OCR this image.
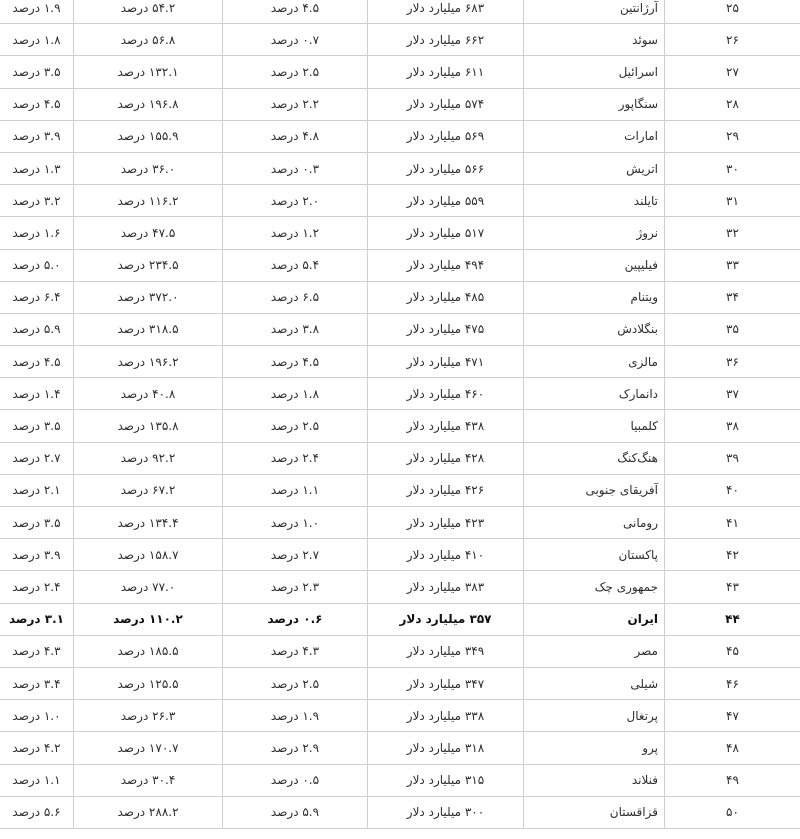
۲۵	آرژانتین	۶۸۳ میلیارد دلار	۴.۵ درصد	۵۴.۲ درصد	۱.۹ درصد
۲۶	سوئد	۶۶۲ میلیارد دلار	۰.۷ درصد	۵۶.۸ درصد	۱.۸ درصد
۲۷	اسرائیل	۶۱۱ میلیارد دلار	۲.۵ درصد	۱۳۲.۱ درصد	۳.۵ درصد
۲۸	سنگاپور	۵۷۴ میلیارد دلار	۲.۲ درصد	۱۹۶.۸ درصد	۴.۵ درصد
۲۹	امارات	۵۶۹ میلیارد دلار	۴.۸ درصد	۱۵۵.۹ درصد	۳.۹ درصد
۳۰	اتریش	۵۶۶ میلیارد دلار	۰.۳ درصد	۳۶.۰ درصد	۱.۳ درصد
۳۱	تایلند	۵۵۹ میلیارد دلار	۲.۰ درصد	۱۱۶.۲ درصد	۳.۲ درصد
۳۲	نروژ	۵۱۷ میلیارد دلار	۱.۲ درصد	۴۷.۵ درصد	۱.۶ درصد
۳۳	فیلیپین	۴۹۴ میلیارد دلار	۵.۴ درصد	۲۳۴.۵ درصد	۵.۰ درصد
۳۴	ویتنام	۴۸۵ میلیارد دلار	۶.۵ درصد	۳۷۲.۰ درصد	۶.۴ درصد
۳۵	بنگلادش	۴۷۵ میلیارد دلار	۳.۸ درصد	۳۱۸.۵ درصد	۵.۹ درصد
۳۶	مالزی	۴۷۱ میلیارد دلار	۴.۵ درصد	۱۹۶.۲ درصد	۴.۵ درصد
۳۷	دانمارک	۴۶۰ میلیارد دلار	۱.۸ درصد	۴۰.۸ درصد	۱.۴ درصد
۳۸	کلمبیا	۴۳۸ میلیارد دلار	۲.۵ درصد	۱۳۵.۸ درصد	۳.۵ درصد
۳۹	هنگ‌کنگ	۴۲۸ میلیارد دلار	۲.۴ درصد	۹۲.۲ درصد	۲.۷ درصد
۴۰	آفریقای جنوبی	۴۲۶ میلیارد دلار	۱.۱ درصد	۶۷.۲ درصد	۲.۱ درصد
۴۱	رومانی	۴۲۳ میلیارد دلار	۱.۰ درصد	۱۳۴.۴ درصد	۳.۵ درصد
۴۲	پاکستان	۴۱۰ میلیارد دلار	۲.۷ درصد	۱۵۸.۷ درصد	۳.۹ درصد
۴۳	جمهوری چک	۳۸۳ میلیارد دلار	۲.۳ درصد	۷۷.۰ درصد	۲.۴ درصد
۴۴	ایران	۳۵۷ میلیارد دلار	۰.۶ درصد	۱۱۰.۲ درصد	۳.۱ درصد
۴۵	مصر	۳۴۹ میلیارد دلار	۴.۳ درصد	۱۸۵.۵ درصد	۴.۳ درصد
۴۶	شیلی	۳۴۷ میلیارد دلار	۲.۵ درصد	۱۲۵.۵ درصد	۳.۴ درصد
۴۷	پرتغال	۳۳۸ میلیارد دلار	۱.۹ درصد	۲۶.۳ درصد	۱.۰ درصد
۴۸	پرو	۳۱۸ میلیارد دلار	۲.۹ درصد	۱۷۰.۷ درصد	۴.۲ درصد
۴۹	فنلاند	۳۱۵ میلیارد دلار	۰.۵ درصد	۳۰.۴ درصد	۱.۱ درصد
۵۰	قزاقستان	۳۰۰ میلیارد دلار	۵.۹ درصد	۲۸۸.۲ درصد	۵.۶ درصد
